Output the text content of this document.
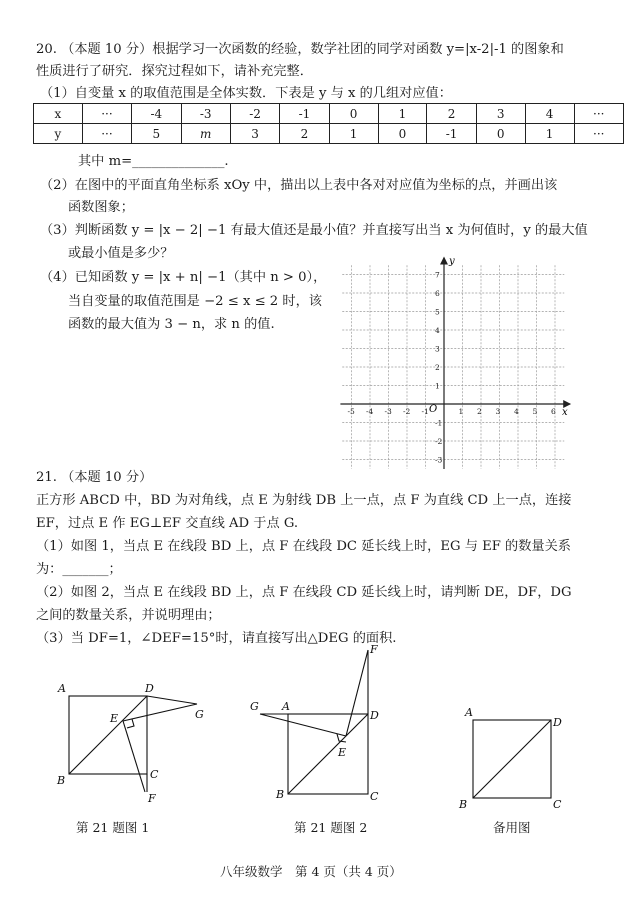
20. （本题 10 分）根据学习一次函数的经验，数学社团的同学对函数 y=|x-2|-1 的图象和
性质进行了研究．探究过程如下，请补充完整．
（1）自变量 x 的取值范围是全体实数．下表是 y 与 x 的几组对应值：
x	···	-4	-3	-2	-1	0	1	2	3	4	···
y	···	5	m	3	2	1	0	-1	0	1	···
其中 m=______________.
（2）在图中的平面直角坐标系 xOy 中，描出以上表中各对对应值为坐标的点，并画出该
函数图象；
（3）判断函数 y = |x − 2| −1 有最大值还是最小值？并直接写出当 x 为何值时，y 的最大值
或最小值是多少？
（4）已知函数 y = |x + n| −1（其中 n > 0），
当自变量的取值范围是 −2 ≤ x ≤ 2 时，该
函数的最大值为 3 − n，求 n 的值.
-5 -4 -3 -2 -1	1 2 3 4 5 6
7
6
5
4
3
2
1
-1
-2
-3
x
y
O
21. （本题 10 分）
正方形 ABCD 中，BD 为对角线，点 E 为射线 DB 上一点，点 F 为直线 CD 上一点，连接
EF，过点 E 作 EG⊥EF 交直线 AD 于点 G.
（1）如图 1，当点 E 在线段 BD 上，点 F 在线段 DC 延长线上时，EG 与 EF 的数量关系
为：_______；
（2）如图 2，当点 E 在线段 BD 上，点 F 在线段 CD 延长线上时，请判断 DE，DF，DG
之间的数量关系，并说明理由；
（3）当 DF=1，∠DEF=15°时，请直接写出△DEG 的面积.
A	D
E	G
B	C
F
第 21 题图 1
G A
D
F
E
B	C
第 21 题图 2
A
D
B	C
备用图
八年级数学　第 4 页（共 4 页）
